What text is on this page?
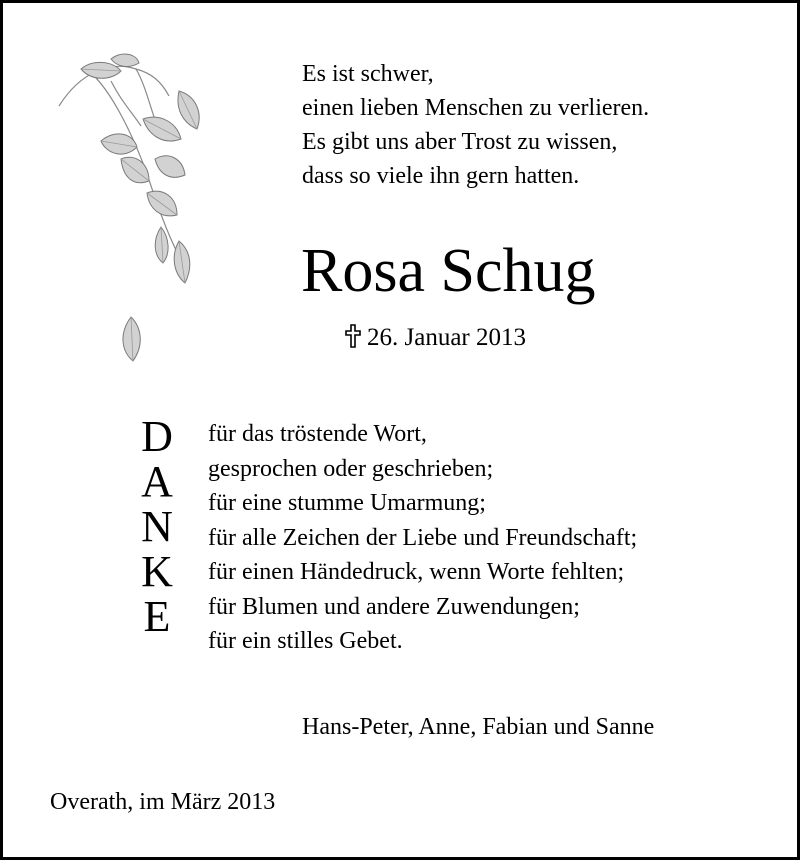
Es ist schwer,
einen lieben Menschen zu verlieren.
Es gibt uns aber Trost zu wissen,
dass so viele ihn gern hatten.
Rosa Schug
26. Januar 2013
D
A
N
K
E
für das tröstende Wort,
gesprochen oder geschrieben;
für eine stumme Umarmung;
für alle Zeichen der Liebe und Freundschaft;
für einen Händedruck, wenn Worte fehlten;
für Blumen und andere Zuwendungen;
für ein stilles Gebet.
Hans-Peter, Anne, Fabian und Sanne
Overath, im März 2013
